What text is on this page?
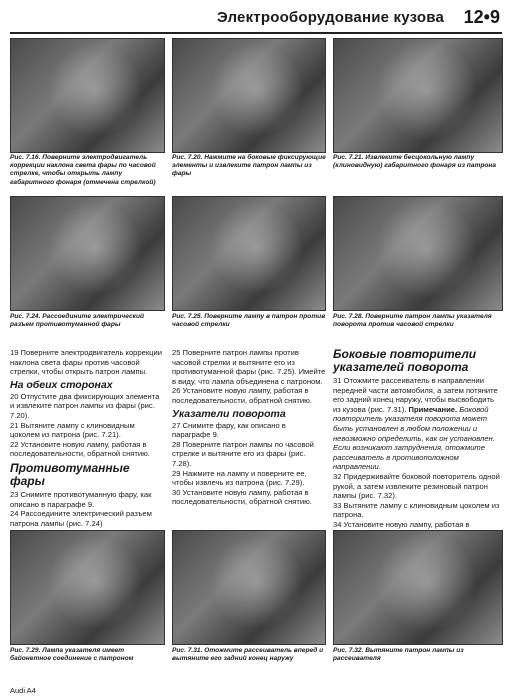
Электрооборудование кузова 12•9
Рис. 7.16. Поверните электродвигатель коррекции наклона света фары по часовой стрелке, чтобы открыть лампу габаритного фонаря (отмечена стрелкой)
Рис. 7.20. Нажмите на боковые фиксирующие элементы и извлеките патрон лампы из фары
Рис. 7.21. Извлеките бесцокольную лампу (клиновидную) габаритного фонаря из патрона
Рис. 7.24. Рассоедините электрический разъем противотуманной фары
Рис. 7.25. Поверните лампу в патрон против часовой стрелки
Рис. 7.28. Поверните патрон лампы указателя поворота против часовой стрелки

19 Поверните электродвигатель коррекции наклона света фары против часовой стрелки, чтобы открыть патрон лампы.

На обеих сторонах

20 Отпустите два фиксирующих элемента и извлеките патрон лампы из фары (рис. 7.20).

21 Вытяните лампу с клиновидным цоколем из патрона (рис. 7.21).

22 Установите новую лампу, работая в последовательности, обратной снятию.

Противотуманные фары

23 Снимите противотуманную фару, как описано в параграфе 9.

24 Рассоедините электрический разъем патрона лампы (рис. 7.24)

25 Поверните патрон лампы против часовой стрелки и вытяните его из противотуманной фары (рис. 7.25). Имейте в виду, что лампа объединена с патроном.

26 Установите новую лампу, работая в последовательности, обратной снятию.

Указатели поворота

27 Снимите фару, как описано в параграфе 9.

28 Поверните патрон лампы по часовой стрелке и вытяните его из фары (рис. 7.28).

29 Нажмите на лампу и поверните ее, чтобы извлечь из патрона (рис. 7.29).

30 Установите новую лампу, работая в последовательности, обратной снятию.

Боковые повторители указателей поворота

31 Отожмите рассеиватель в направлении передней части автомобиля, а затем потяните его задний конец наружу, чтобы высвободить из кузова (рис. 7.31). Примечание. Боковой повторитель указателя поворота может быть установлен в любом положении и невозможно определить, как он установлен. Если возникают затруднения, отожмите рассеиватель в противоположном направлении.

32 Придерживайте боковой повторитель одной рукой, а затем извлеките резиновый патрон лампы (рис. 7.32).

33 Вытяните лампу с клиновидным цоколем из патрона.

34 Установите новую лампу, работая в

Рис. 7.29. Лампа указателя имеет байонетное соединение с патроном
Рис. 7.31. Отожмите рассеиватель вперед и вытяните его задний конец наружу
Рис. 7.32. Вытяните патрон лампы из рассеивателя
Audi A4
